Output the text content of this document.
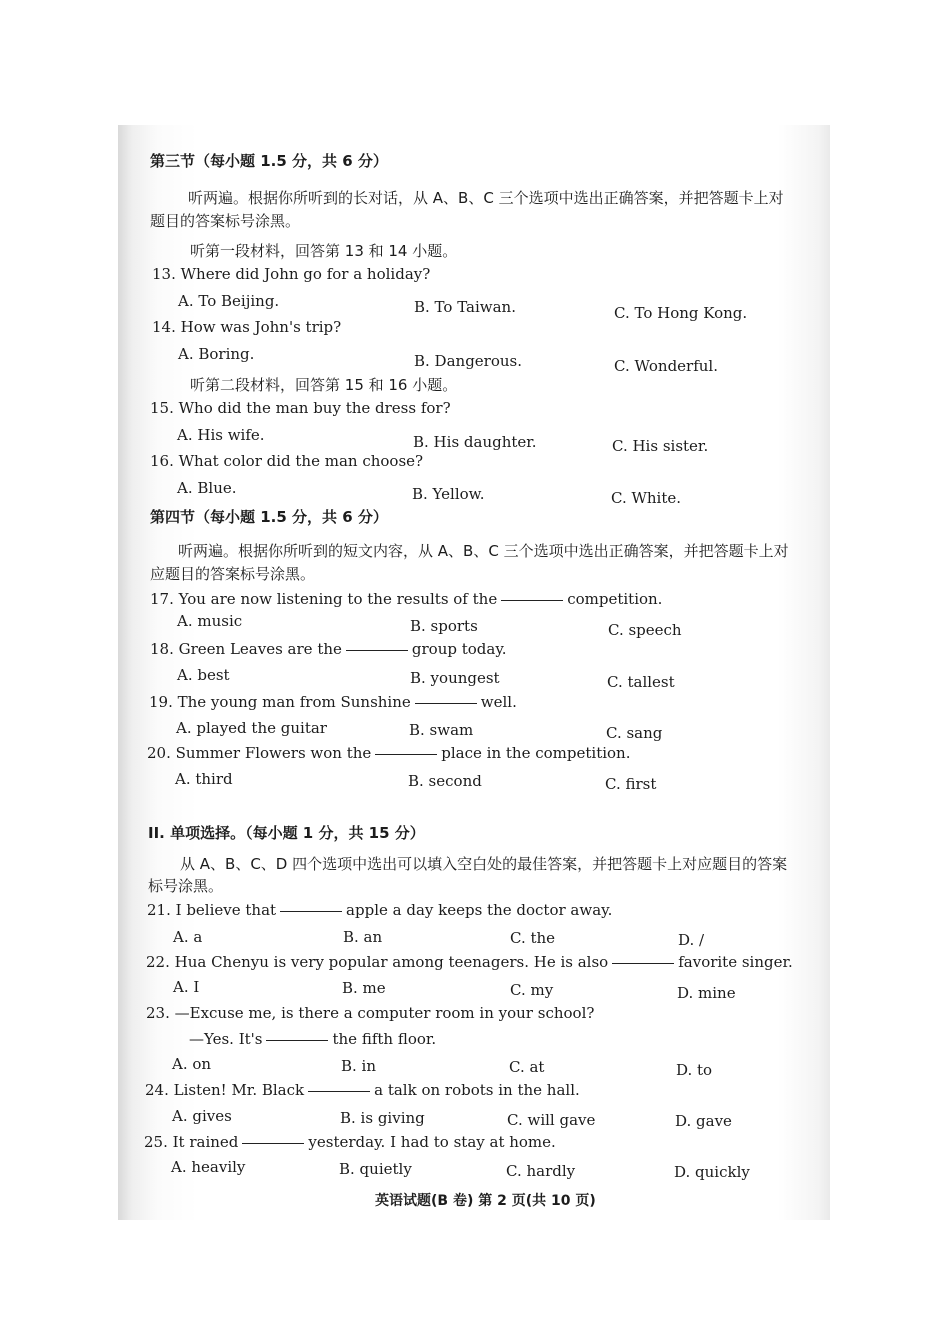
第三节（每小题 1.5 分，共 6 分）
听两遍。根据你所听到的长对话，从 A、B、C 三个选项中选出正确答案，并把答题卡上对
题目的答案标号涂黑。
听第一段材料，回答第 13 和 14 小题。
13. Where did John go for a holiday?
A. To Beijing.	B. To Taiwan.	C. To Hong Kong.
14. How was John's trip?
A. Boring.	B. Dangerous.	C. Wonderful.
听第二段材料，回答第 15 和 16 小题。
15. Who did the man buy the dress for?
A. His wife.	B. His daughter.	C. His sister.
16. What color did the man choose?
A. Blue.	B. Yellow.	C. White.
第四节（每小题 1.5 分，共 6 分）
听两遍。根据你所听到的短文内容，从 A、B、C 三个选项中选出正确答案，并把答题卡上对
应题目的答案标号涂黑。
17. You are now listening to the results of the	competition.
A. music	B. sports	C. speech
18. Green Leaves are the	group today.
A. best	B. youngest	C. tallest
19. The young man from Sunshine	well.
A. played the guitar	B. swam	C. sang
20. Summer Flowers won the	place in the competition.
A. third	B. second	C. first
II. 单项选择。（每小题 1 分，共 15 分）
从 A、B、C、D 四个选项中选出可以填入空白处的最佳答案，并把答题卡上对应题目的答案
标号涂黑。
21. I believe that	apple a day keeps the doctor away.
A. a	B. an	C. the	D. /
22. Hua Chenyu is very popular among teenagers. He is also	favorite singer.
A. I	B. me	C. my	D. mine
23. —Excuse me, is there a computer room in your school?
—Yes. It's	the fifth floor.
A. on	B. in	C. at	D. to
24. Listen! Mr. Black	a talk on robots in the hall.
A. gives	B. is giving	C. will gave	D. gave
25. It rained	yesterday. I had to stay at home.
A. heavily	B. quietly	C. hardly	D. quickly
英语试题(B 卷) 第 2 页(共 10 页)
